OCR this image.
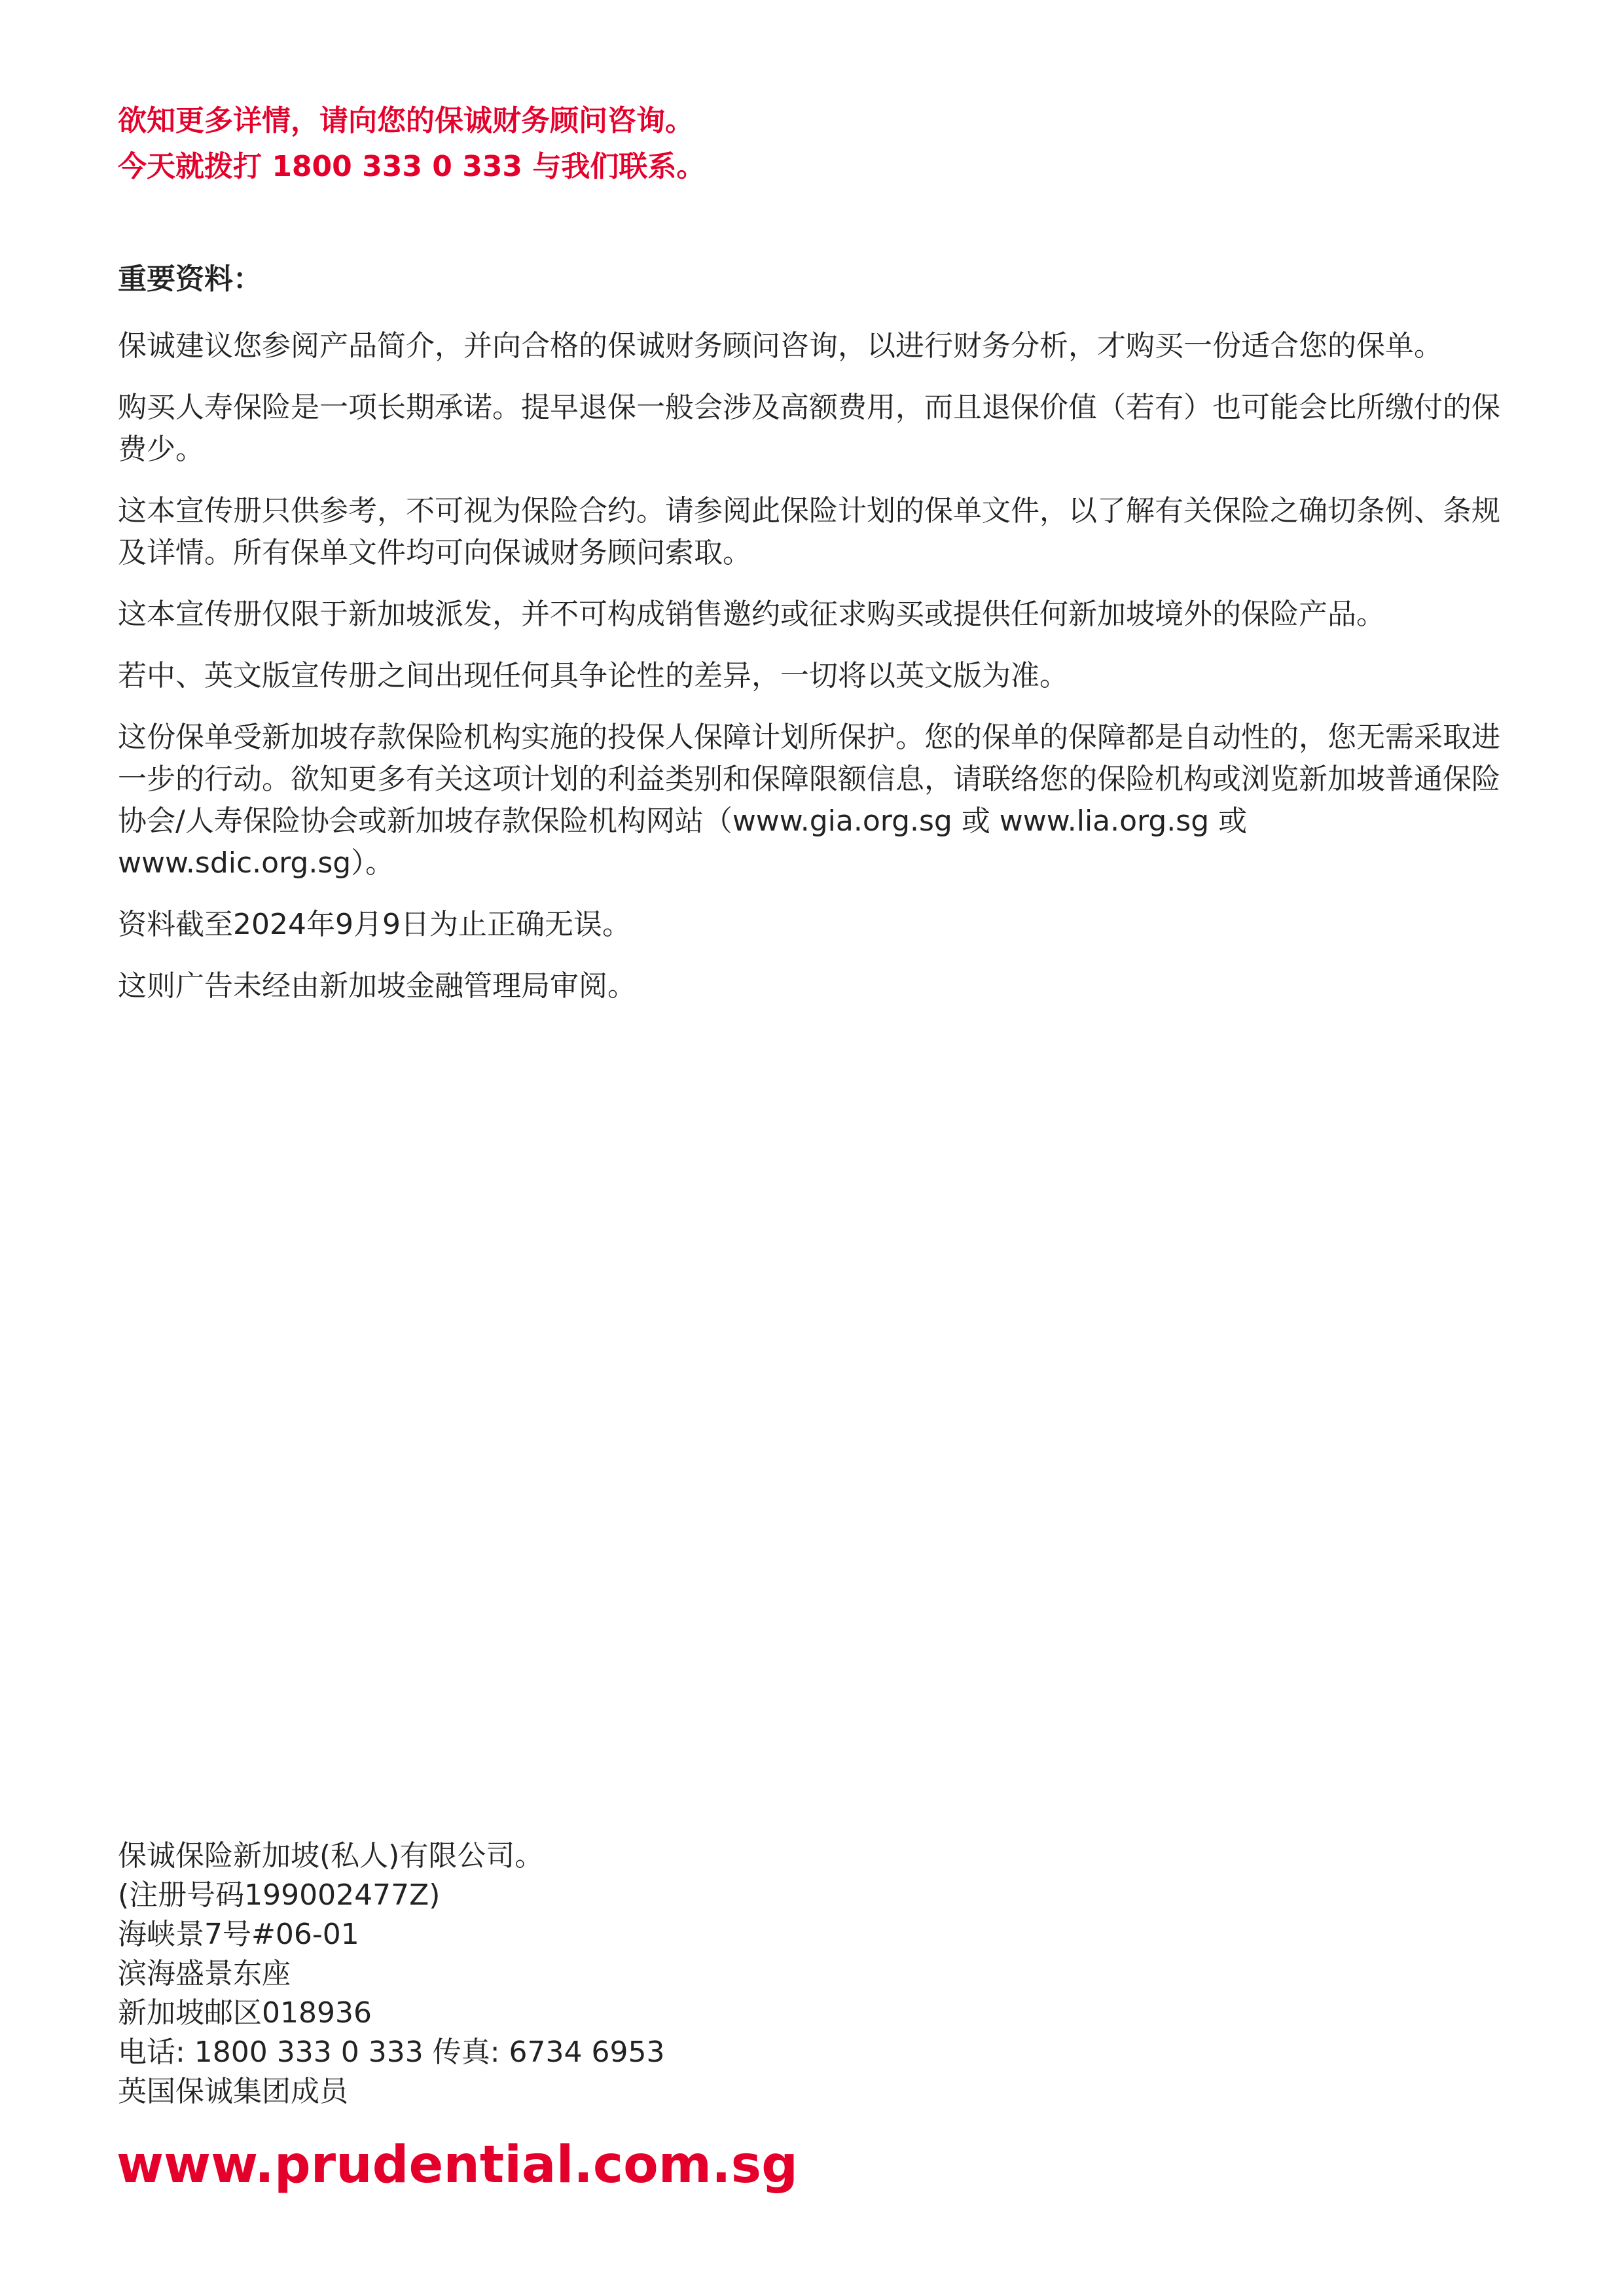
欲知更多详情，请向您的保诚财务顾问咨询。
今天就拨打 1800 333 0 333 与我们联系。
重要资料：

保诚建议您参阅产品简介，并向合格的保诚财务顾问咨询，以进行财务分析，才购买一份适合您的保单。

购买人寿保险是一项长期承诺。提早退保一般会涉及高额费用，而且退保价值（若有）也可能会比所缴付的保费少。

这本宣传册只供参考，不可视为保险合约。请参阅此保险计划的保单文件，以了解有关保险之确切条例、条规及详情。所有保单文件均可向保诚财务顾问索取。

这本宣传册仅限于新加坡派发，并不可构成销售邀约或征求购买或提供任何新加坡境外的保险产品。

若中、英文版宣传册之间出现任何具争论性的差异，一切将以英文版为准。

这份保单受新加坡存款保险机构实施的投保人保障计划所保护。您的保单的保障都是自动性的，您无需采取进一步的行动。欲知更多有关这项计划的利益类别和保障限额信息，请联络您的保险机构或浏览新加坡普通保险协会/人寿保险协会或新加坡存款保险机构网站（www.gia.org.sg 或 www.lia.org.sg 或 www.sdic.org.sg）。

资料截至2024年9月9日为止正确无误。

这则广告未经由新加坡金融管理局审阅。

保诚保险新加坡(私人)有限公司。
(注册号码199002477Z)
海峡景7号#06-01
滨海盛景东座
新加坡邮区018936
电话: 1800 333 0 333 传真: 6734 6953
英国保诚集团成员
www.prudential.com.sg
